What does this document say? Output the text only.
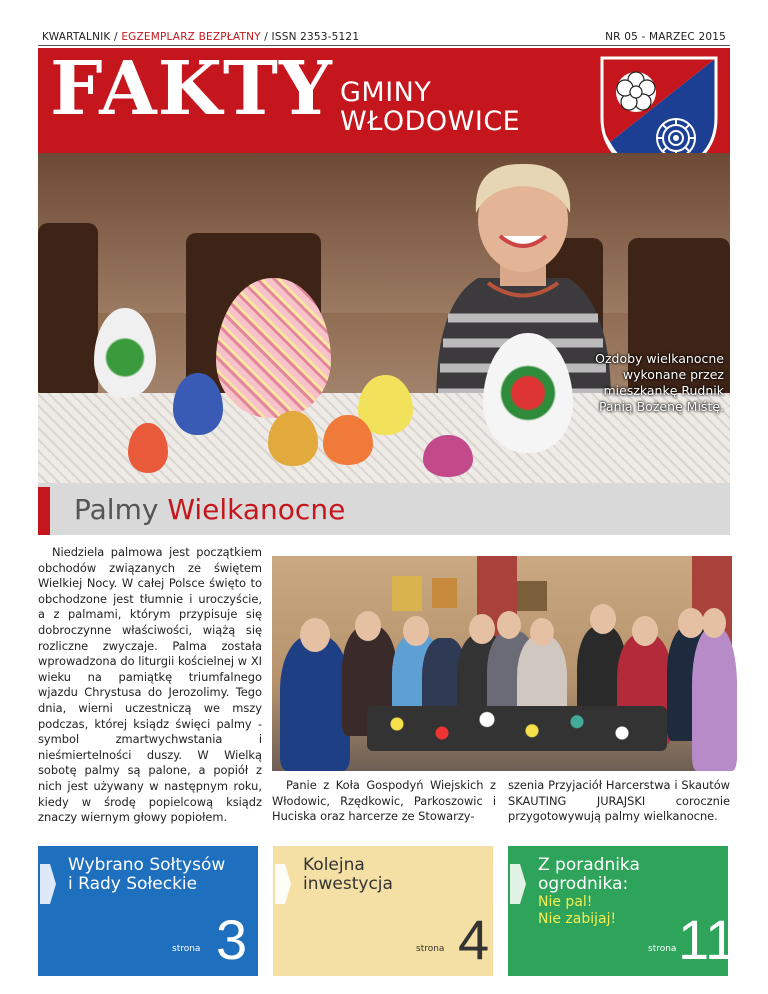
KWARTALNIK / EGZEMPLARZ BEZPŁATNY / ISSN 2353-5121	NR 05 - MARZEC 2015
FAKTY GMINY
WŁODOWICE
Ozdoby wielkanocne
wykonane przez
mieszkankę Rudnik
Panią Bożenę Miśtę.
Palmy Wielkanocne
Niedziela palmowa jest początkiem obchodów związanych ze świętem Wielkiej Nocy. W całej Polsce święto to obchodzone jest tłumnie i uroczyście, a z palmami, którym przypisuje się dobroczynne właściwości, wiążą się rozliczne zwyczaje. Palma została wprowadzona do liturgii kościelnej w XI wieku na pamiątkę triumfalnego wjazdu Chrystusa do Jerozolimy. Tego dnia, wierni uczestniczą we mszy podczas, której ksiądz święci palmy - symbol zmartwychwstania i nieśmiertelności duszy. W Wielką sobotę palmy są palone, a popiół z nich jest używany w następnym roku, kiedy w środę popielcową ksiądz znaczy wiernym głowy popiołem.
Panie z Koła Gospodyń Wiejskich z Włodowic, Rzędkowic, Parkoszowic i Huciska oraz harcerze ze Stowarzy-
szenia Przyjaciół Harcerstwa i Skautów SKAUTING JURAJSKI corocznie przygotowywują palmy wielkanocne.
Wybrano Sołtysów
i Rady Sołeckie
strona 3
Kolejna
inwestycja
strona 4
Z poradnika
ogrodnika:
Nie pal!
Nie zabijaj!
strona 11
